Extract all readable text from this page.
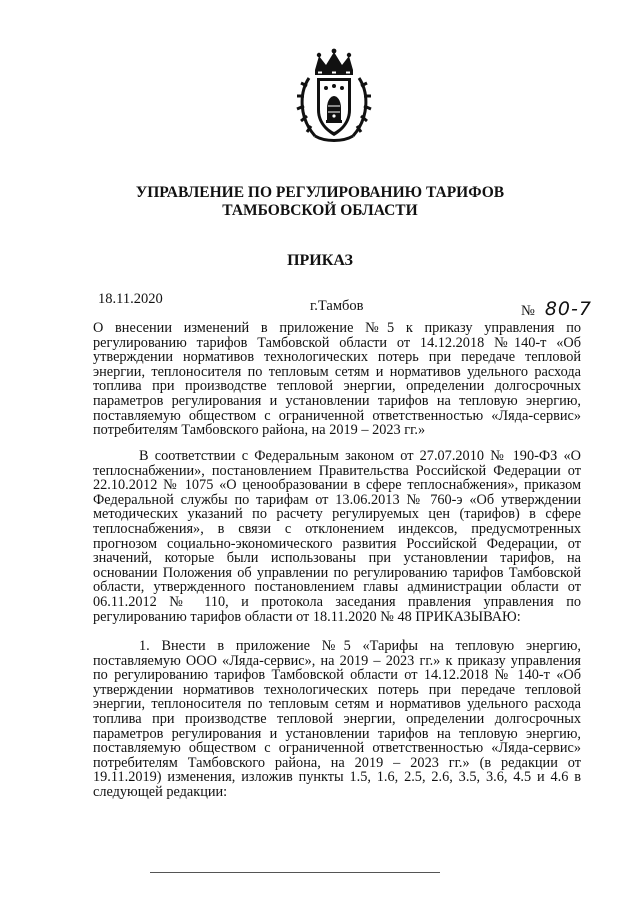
УПРАВЛЕНИЕ ПО РЕГУЛИРОВАНИЮ ТАРИФОВ
ТАМБОВСКОЙ ОБЛАСТИ
ПРИКАЗ
18.11.2020	г.Тамбов	№ 80-7
О внесении изменений в приложение №5 к приказу управления по регулированию тарифов Тамбовской области от 14.12.2018 №140-т «Об утверждении нормативов технологических потерь при передаче тепловой энергии, теплоносителя по тепловым сетям и нормативов удельного расхода топлива при производстве тепловой энергии, определении долгосрочных параметров регулирования и установлении тарифов на тепловую энергию, поставляемую обществом с ограниченной ответственностью «Ляда-сервис» потребителям Тамбовского района, на 2019 – 2023 гг.»
В соответствии с Федеральным законом от 27.07.2010 № 190-ФЗ «О теплоснабжении», постановлением Правительства Российской Федерации от 22.10.2012 № 1075 «О ценообразовании в сфере теплоснабжения», приказом Федеральной службы по тарифам от 13.06.2013 № 760-э «Об утверждении методических указаний по расчету регулируемых цен (тарифов) в сфере теплоснабжения», в связи с отклонением индексов, предусмотренных прогнозом социально-экономического развития Российской Федерации, от значений, которые были использованы при установлении тарифов, на основании Положения об управлении по регулированию тарифов Тамбовской области, утвержденного постановлением главы администрации области от 06.11.2012 № 110, и протокола заседания правления управления по регулированию тарифов области от 18.11.2020 № 48 ПРИКАЗЫВАЮ:
1. Внести в приложение №5 «Тарифы на тепловую энергию, поставляемую ООО «Ляда-сервис», на 2019 – 2023 гг.» к приказу управления по регулированию тарифов Тамбовской области от 14.12.2018 № 140-т «Об утверждении нормативов технологических потерь при передаче тепловой энергии, теплоносителя по тепловым сетям и нормативов удельного расхода топлива при производстве тепловой энергии, определении долгосрочных параметров регулирования и установлении тарифов на тепловую энергию, поставляемую обществом с ограниченной ответственностью «Ляда-сервис» потребителям Тамбовского района, на 2019 – 2023 гг.» (в редакции от 19.11.2019) изменения, изложив пункты 1.5, 1.6, 2.5, 2.6, 3.5, 3.6, 4.5 и 4.6 в следующей редакции:
